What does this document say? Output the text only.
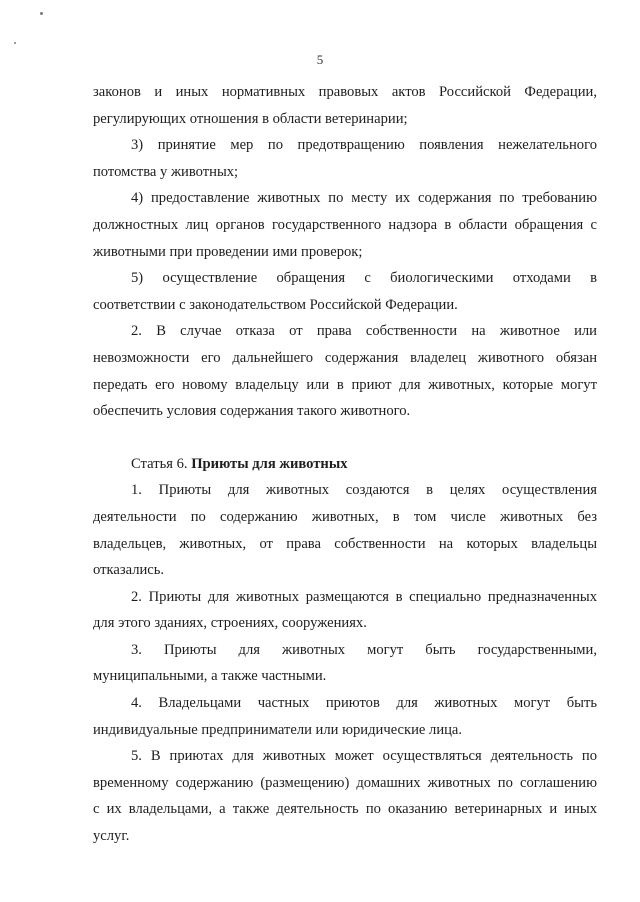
5
законов и иных нормативных правовых актов Российской Федерации,
регулирующих отношения в области ветеринарии;
3) принятие мер по предотвращению появления нежелательного
потомства у животных;
4) предоставление животных по месту их содержания по требованию
должностных лиц органов государственного надзора в области обращения с
животными при проведении ими проверок;
5) осуществление обращения с биологическими отходами в
соответствии с законодательством Российской Федерации.
2. В случае отказа от права собственности на животное или
невозможности его дальнейшего содержания владелец животного обязан
передать его новому владельцу или в приют для животных, которые могут
обеспечить условия содержания такого животного.
Статья 6. Приюты для животных
1. Приюты для животных создаются в целях осуществления
деятельности по содержанию животных, в том числе животных без
владельцев, животных, от права собственности на которых владельцы
отказались.
2. Приюты для животных размещаются в специально предназначенных
для этого зданиях, строениях, сооружениях.
3. Приюты для животных могут быть государственными,
муниципальными, а также частными.
4. Владельцами частных приютов для животных могут быть
индивидуальные предприниматели или юридические лица.
5. В приютах для животных может осуществляться деятельность по
временному содержанию (размещению) домашних животных по соглашению
с их владельцами, а также деятельность по оказанию ветеринарных и иных
услуг.
